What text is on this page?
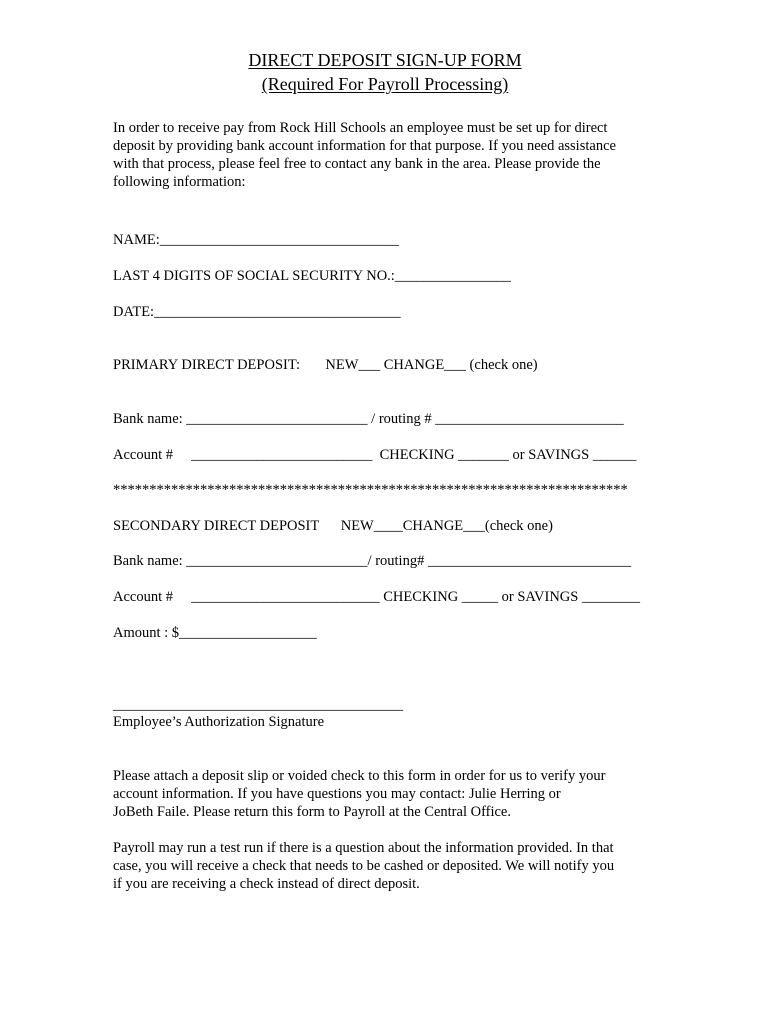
DIRECT DEPOSIT SIGN-UP FORM
(Required For Payroll Processing)
In order to receive pay from Rock Hill Schools an employee must be set up for direct
deposit by providing bank account information for that purpose. If you need assistance
with that process, please feel free to contact any bank in the area. Please provide the
following information:
NAME:_________________________________
LAST 4 DIGITS OF SOCIAL SECURITY NO.:________________
DATE:__________________________________
PRIMARY DIRECT DEPOSIT:       NEW___ CHANGE___ (check one)
Bank name: _________________________ / routing # __________________________
Account #     _________________________  CHECKING _______ or SAVINGS ______
***********************************************************************
SECONDARY DIRECT DEPOSIT      NEW____CHANGE___(check one)
Bank name: _________________________/ routing# ____________________________
Account #     __________________________ CHECKING _____ or SAVINGS ________
Amount : $___________________
________________________________________
Employee’s Authorization Signature
Please attach a deposit slip or voided check to this form in order for us to verify your
account information. If you have questions you may contact: Julie Herring or
JoBeth Faile. Please return this form to Payroll at the Central Office.
Payroll may run a test run if there is a question about the information provided. In that
case, you will receive a check that needs to be cashed or deposited. We will notify you
if you are receiving a check instead of direct deposit.
